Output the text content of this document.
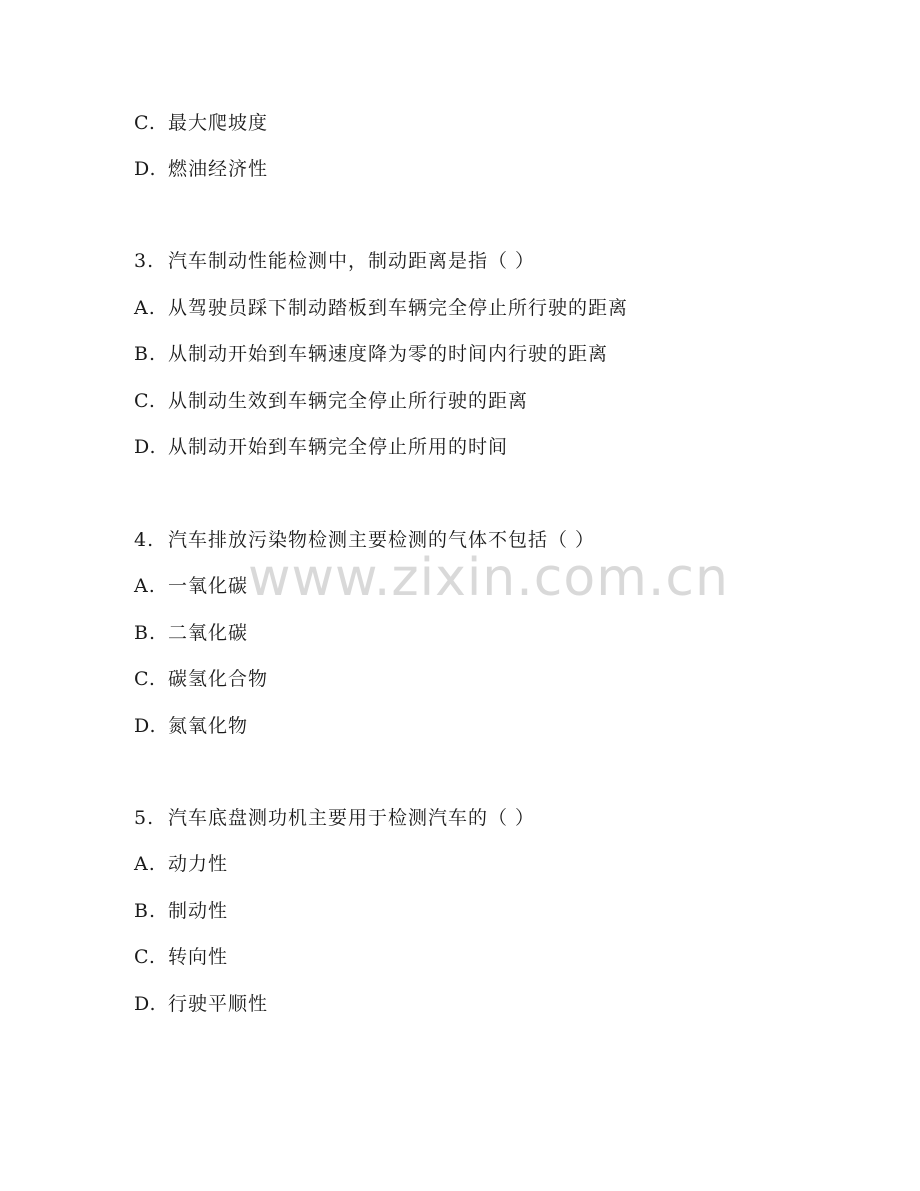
C. 最大爬坡度
D. 燃油经济性
3. 汽车制动性能检测中，制动距离是指（ ）
A. 从驾驶员踩下制动踏板到车辆完全停止所行驶的距离
B. 从制动开始到车辆速度降为零的时间内行驶的距离
C. 从制动生效到车辆完全停止所行驶的距离
D. 从制动开始到车辆完全停止所用的时间
4. 汽车排放污染物检测主要检测的气体不包括（ ）
A. 一氧化碳
B. 二氧化碳
C. 碳氢化合物
D. 氮氧化物
5. 汽车底盘测功机主要用于检测汽车的（ ）
A. 动力性
B. 制动性
C. 转向性
D. 行驶平顺性
www.zixin.com.cn
